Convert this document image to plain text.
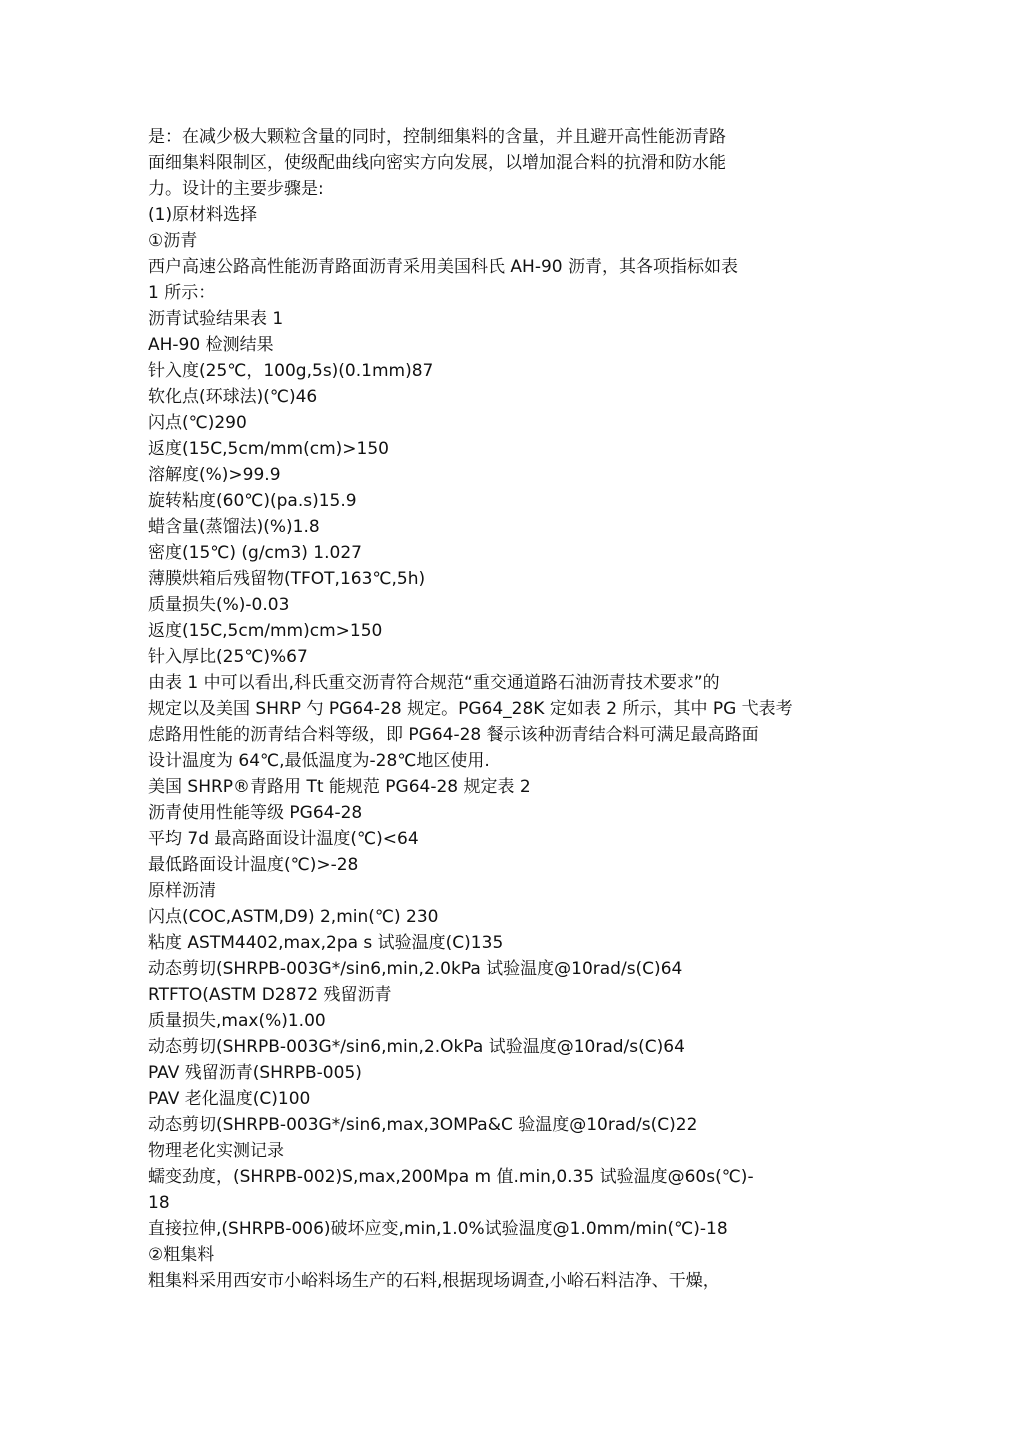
是：在减少极大颗粒含量的同时，控制细集料的含量，并且避开高性能沥青路
面细集料限制区，使级配曲线向密实方向发展，以增加混合料的抗滑和防水能
力。设计的主要步骤是:
(1)原材料选择
①沥青
西户高速公路高性能沥青路面沥青采用美国科氏 AH-90 沥青，其各项指标如表
1 所示：
沥青试验结果表 1
AH-90 检测结果
针入度(25℃，100g,5s)(0.1mm)87
软化点(环球法)(℃)46
闪点(℃)290
返度(15C,5cm/mm(cm)>150
溶解度(%)>99.9
旋转粘度(60℃)(pa.s)15.9
蜡含量(蒸馏法)(%)1.8
密度(15℃) (g/cm3) 1.027
薄膜烘箱后残留物(TFOT,163℃,5h)
质量损失(%)-0.03
返度(15C,5cm/mm)cm>150
针入厚比(25℃)%67
由表 1 中可以看出,科氏重交沥青符合规范“重交通道路石油沥青技术要求”的
规定以及美国 SHRP 勺 PG64-28 规定。PG64_28K 定如表 2 所示，其中 PG 弋表考
虑路用性能的沥青结合料等级，即 PG64-28 餐示该种沥青结合料可满足最高路面
设计温度为 64℃,最低温度为-28℃地区使用.
美国 SHRP®青路用 Tt 能规范 PG64-28 规定表 2
沥青使用性能等级 PG64-28
平均 7d 最高路面设计温度(℃)<64
最低路面设计温度(℃)>-28
原样沥清
闪点(COC,ASTM,D9) 2,min(℃) 230
粘度 ASTM4402,max,2pa s 试验温度(C)135
动态剪切(SHRPB-003G*/sin6,min,2.0kPa 试验温度@10rad/s(C)64
RTFTO(ASTM D2872 残留沥青
质量损失,max(%)1.00
动态剪切(SHRPB-003G*/sin6,min,2.OkPa 试验温度@10rad/s(C)64
PAV 残留沥青(SHRPB-005)
PAV 老化温度(C)100
动态剪切(SHRPB-003G*/sin6,max,3OMPa&C 验温度@10rad/s(C)22
物理老化实测记录
蠕变劲度，(SHRPB-002)S,max,200Mpa m 值.min,0.35 试验温度@60s(℃)-
18
直接拉伸,(SHRPB-006)破坏应变,min,1.0%试验温度@1.0mm/min(℃)-18
②粗集料
粗集料采用西安市小峪料场生产的石料,根据现场调查,小峪石料洁净、干燥，
